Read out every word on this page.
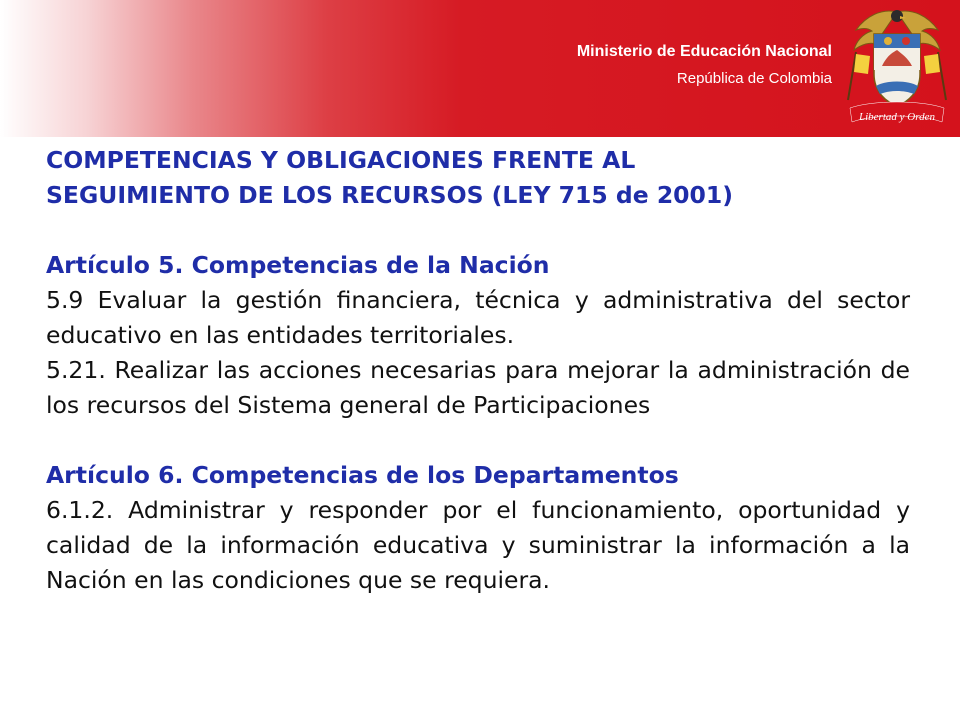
Ministerio de Educación Nacional
República de Colombia
Libertad y Orden
COMPETENCIAS Y OBLIGACIONES FRENTE AL
SEGUIMIENTO DE LOS RECURSOS (LEY 715 de 2001)

Artículo 5. Competencias de la Nación

5.9 Evaluar la gestión financiera, técnica y administrativa del sector educativo en las entidades territoriales.

5.21. Realizar las acciones necesarias para mejorar la administración de los recursos del Sistema general de Participaciones

Artículo 6. Competencias de los Departamentos

6.1.2. Administrar y responder por el funcionamiento, oportunidad y calidad de la información educativa y suministrar la información a la Nación en las condiciones que se requiera.
